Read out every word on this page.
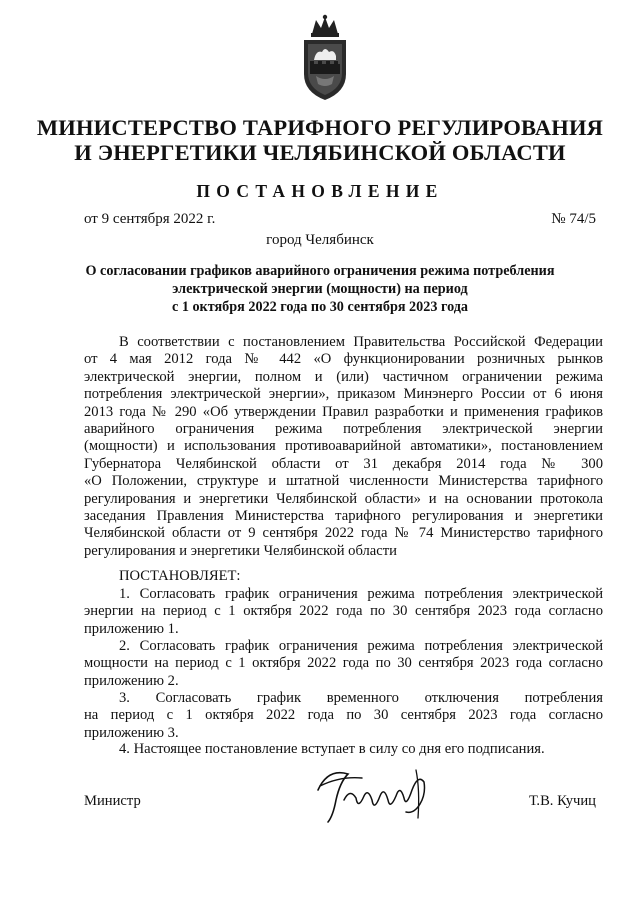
МИНИСТЕРСТВО ТАРИФНОГО РЕГУЛИРОВАНИЯ
И ЭНЕРГЕТИКИ ЧЕЛЯБИНСКОЙ ОБЛАСТИ
ПОСТАНОВЛЕНИЕ
от 9 сентября 2022 г.	№ 74/5
город Челябинск
О согласовании графиков аварийного ограничения режима потребления
электрической энергии (мощности) на период
с 1 октября 2022 года по 30 сентября 2023 года
В соответствии с постановлением Правительства Российской Федерации
от 4 мая 2012 года № 442 «О функционировании розничных рынков
электрической энергии, полном и (или) частичном ограничении режима
потребления электрической энергии», приказом Минэнерго России от 6 июня
2013 года № 290 «Об утверждении Правил разработки и применения графиков
аварийного ограничения режима потребления электрической энергии
(мощности) и использования противоаварийной автоматики», постановлением
Губернатора Челябинской области от 31 декабря 2014 года № 300
«О Положении, структуре и штатной численности Министерства тарифного
регулирования и энергетики Челябинской области» и на основании протокола
заседания Правления Министерства тарифного регулирования и энергетики
Челябинской области от 9 сентября 2022 года № 74 Министерство тарифного
регулирования и энергетики Челябинской области
ПОСТАНОВЛЯЕТ:
1. Согласовать график ограничения режима потребления электрической
энергии на период с 1 октября 2022 года по 30 сентября 2023 года согласно
приложению 1.
2. Согласовать график ограничения режима потребления электрической
мощности на период с 1 октября 2022 года по 30 сентября 2023 года согласно
приложению 2.
3. Согласовать график временного отключения потребления
на период с 1 октября 2022 года по 30 сентября 2023 года согласно
приложению 3.
4. Настоящее постановление вступает в силу со дня его подписания.
Министр	Т.В. Кучиц
